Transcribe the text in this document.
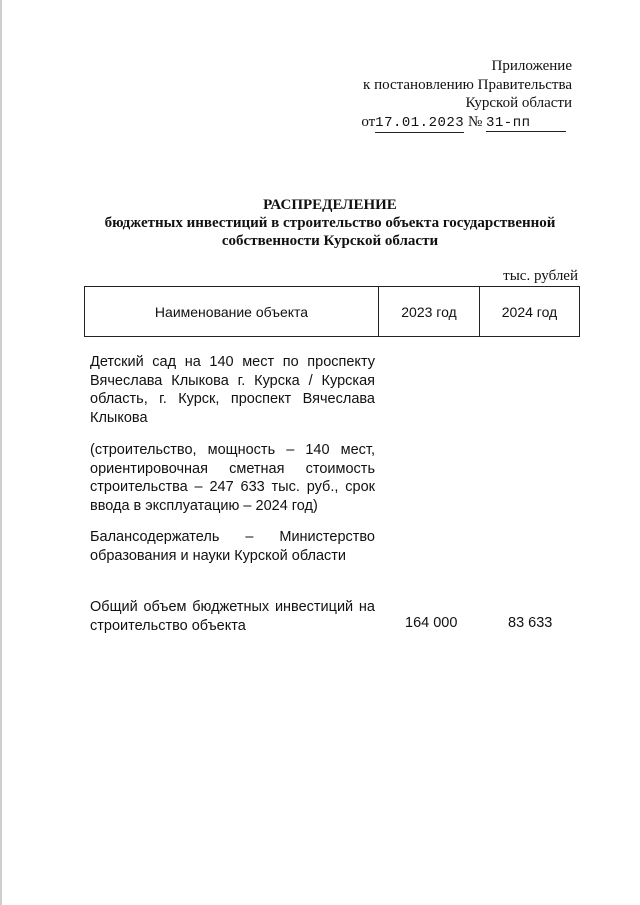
Приложение
к постановлению Правительства
Курской области
от17.01.2023 № 31-пп
РАСПРЕДЕЛЕНИЕ
бюджетных инвестиций в строительство объекта государственной
собственности Курской области
тыс. рублей
Наименование объекта	2023 год	2024 год
Детский сад на 140 мест по проспекту Вячеслава Клыкова г. Курска / Курская область, г. Курск, проспект Вячеслава Клыкова
(строительство, мощность – 140 мест, ориентировочная сметная стоимость строительства – 247 633 тыс. руб., срок ввода в эксплуатацию – 2024 год)
Балансодержатель – Министерство образования и науки Курской области
Общий объем бюджетных инвестиций на строительство объекта	164 000	83 633
